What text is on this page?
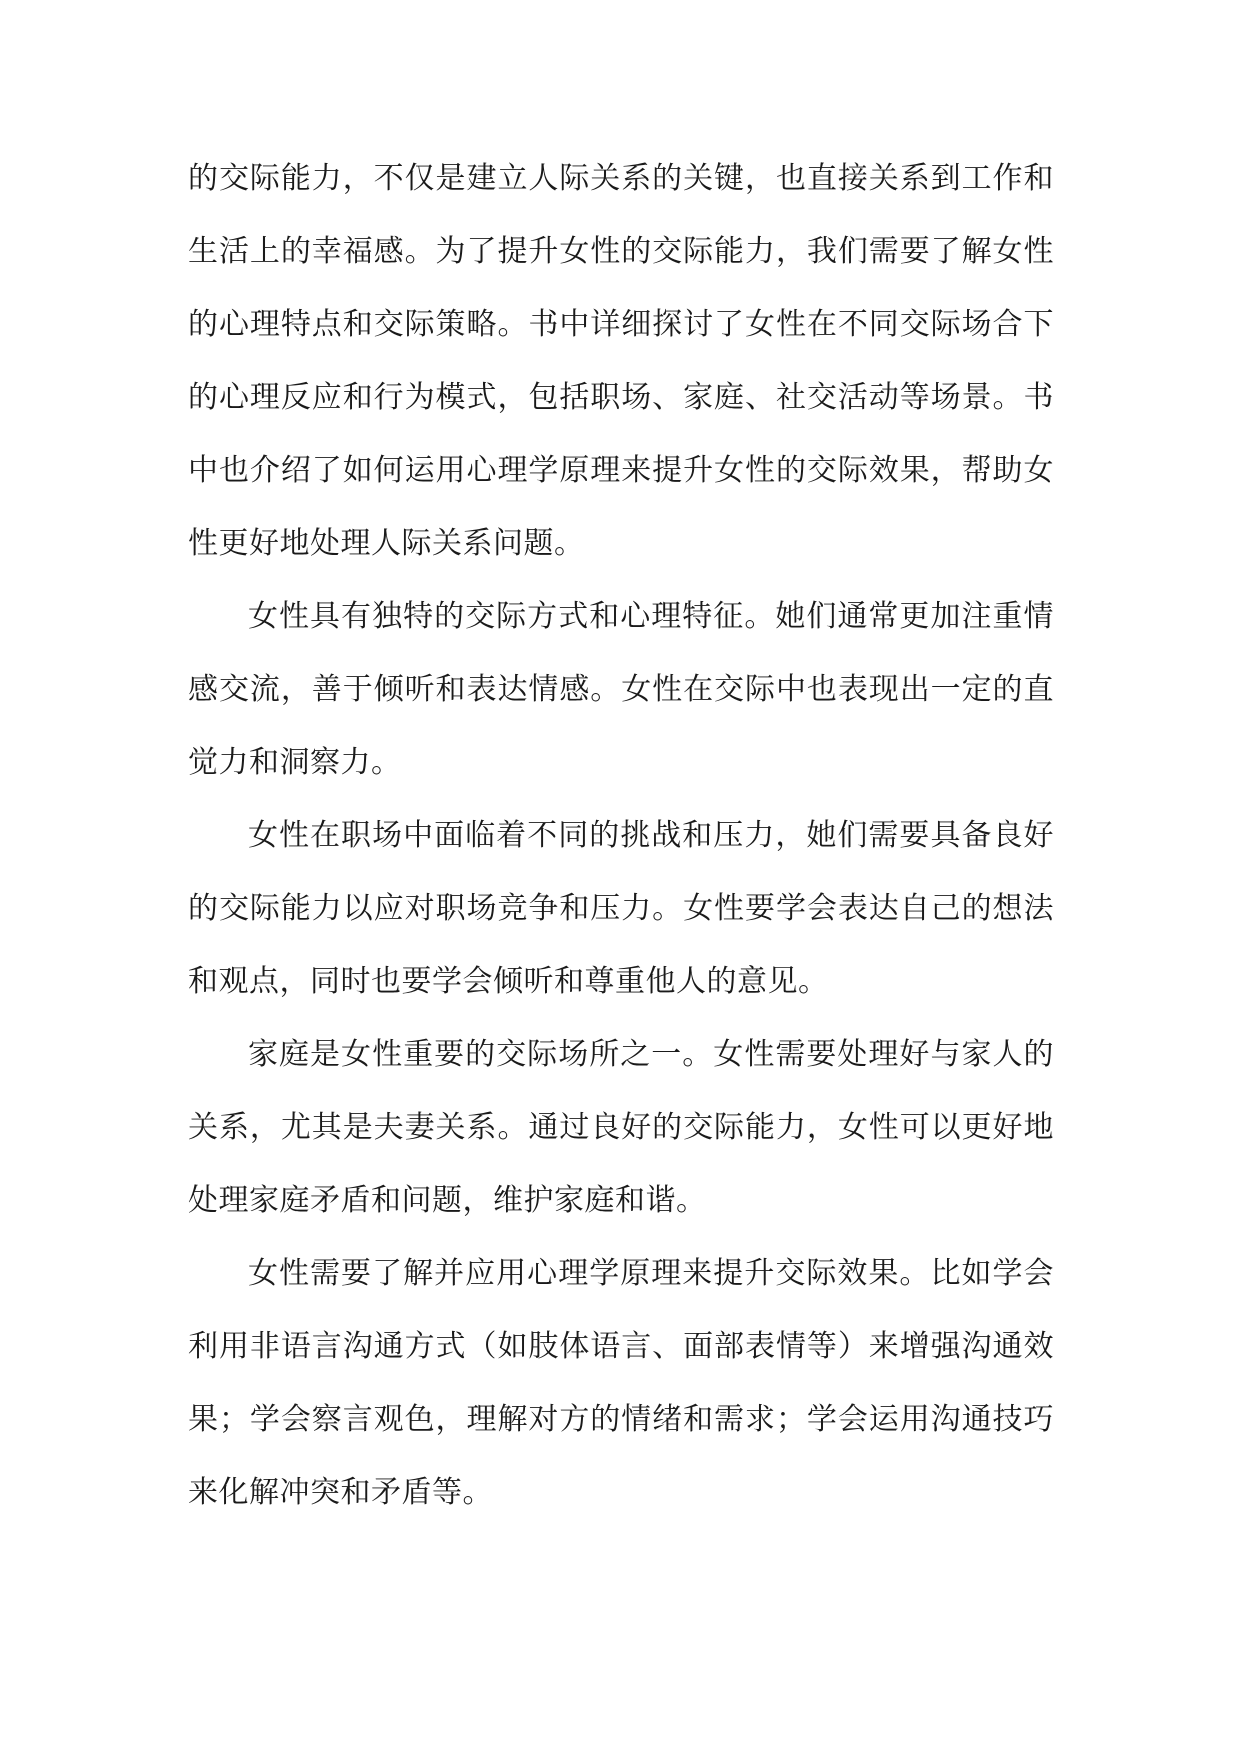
的交际能力，不仅是建立人际关系的关键，也直接关系到工作和生活上的幸福感。为了提升女性的交际能力，我们需要了解女性的心理特点和交际策略。书中详细探讨了女性在不同交际场合下的心理反应和行为模式，包括职场、家庭、社交活动等场景。书中也介绍了如何运用心理学原理来提升女性的交际效果，帮助女性更好地处理人际关系问题。

女性具有独特的交际方式和心理特征。她们通常更加注重情感交流，善于倾听和表达情感。女性在交际中也表现出一定的直觉力和洞察力。

女性在职场中面临着不同的挑战和压力，她们需要具备良好的交际能力以应对职场竞争和压力。女性要学会表达自己的想法和观点，同时也要学会倾听和尊重他人的意见。

家庭是女性重要的交际场所之一。女性需要处理好与家人的关系，尤其是夫妻关系。通过良好的交际能力，女性可以更好地处理家庭矛盾和问题，维护家庭和谐。

女性需要了解并应用心理学原理来提升交际效果。比如学会利用非语言沟通方式（如肢体语言、面部表情等）来增强沟通效果；学会察言观色，理解对方的情绪和需求；学会运用沟通技巧来化解冲突和矛盾等。
